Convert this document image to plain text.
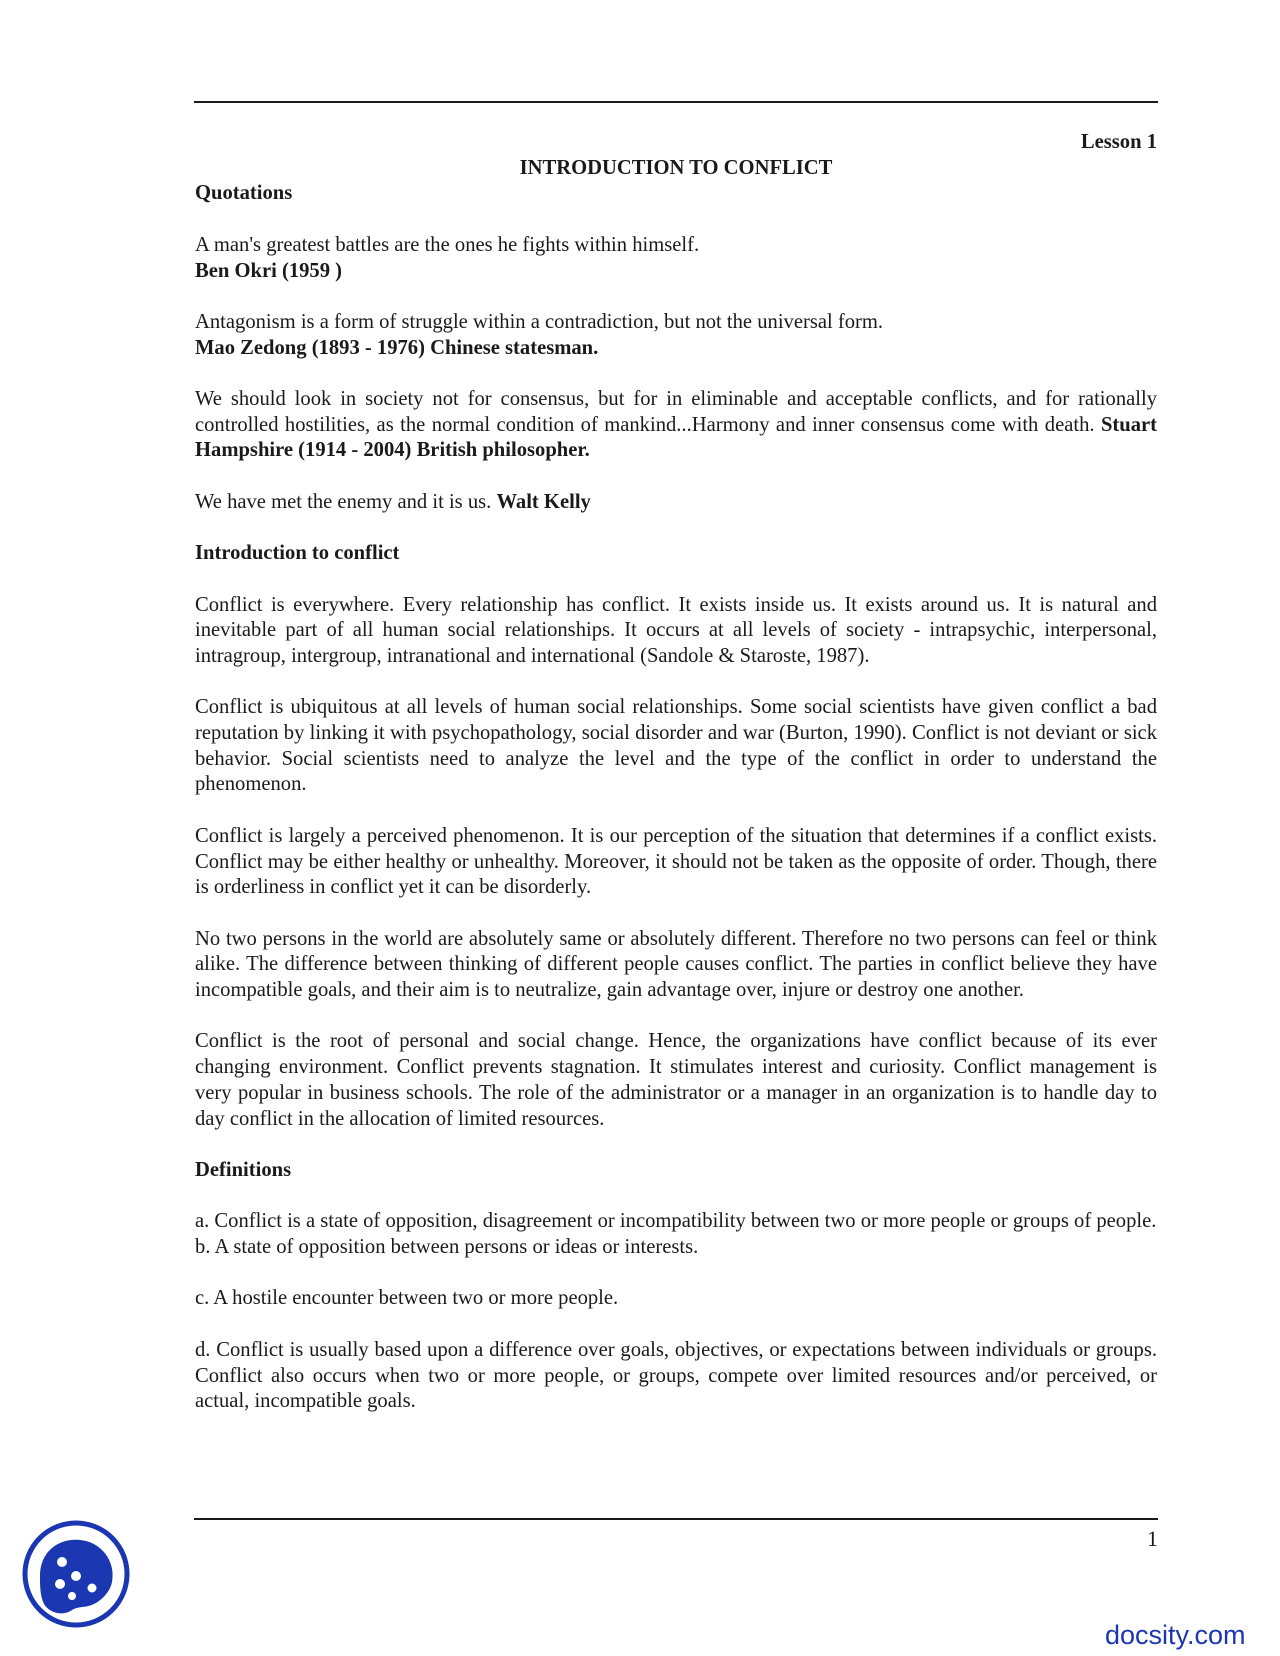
Lesson 1

INTRODUCTION TO CONFLICT

Quotations

A man's greatest battles are the ones he fights within himself.

Ben Okri (1959 )

Antagonism is a form of struggle within a contradiction, but not the universal form.

Mao Zedong (1893 - 1976) Chinese statesman.

We should look in society not for consensus, but for in eliminable and acceptable conflicts, and for rationally controlled hostilities, as the normal condition of mankind...Harmony and inner consensus come with death. Stuart Hampshire (1914 - 2004) British philosopher.

We have met the enemy and it is us. Walt Kelly

Introduction to conflict

Conflict is everywhere. Every relationship has conflict. It exists inside us. It exists around us. It is natural and inevitable part of all human social relationships. It occurs at all levels of society - intrapsychic, interpersonal, intragroup, intergroup, intranational and international (Sandole & Staroste, 1987).

Conflict is ubiquitous at all levels of human social relationships. Some social scientists have given conflict a bad reputation by linking it with psychopathology, social disorder and war (Burton, 1990). Conflict is not deviant or sick behavior. Social scientists need to analyze the level and the type of the conflict in order to understand the phenomenon.

Conflict is largely a perceived phenomenon. It is our perception of the situation that determines if a conflict exists. Conflict may be either healthy or unhealthy. Moreover, it should not be taken as the opposite of order. Though, there is orderliness in conflict yet it can be disorderly.

No two persons in the world are absolutely same or absolutely different. Therefore no two persons can feel or think alike. The difference between thinking of different people causes conflict. The parties in conflict believe they have incompatible goals, and their aim is to neutralize, gain advantage over, injure or destroy one another.

Conflict is the root of personal and social change. Hence, the organizations have conflict because of its ever changing environment. Conflict prevents stagnation. It stimulates interest and curiosity. Conflict management is very popular in business schools. The role of the administrator or a manager in an organization is to handle day to day conflict in the allocation of limited resources.

Definitions

a. Conflict is a state of opposition, disagreement or incompatibility between two or more people or groups of people.

b. A state of opposition between persons or ideas or interests.

c. A hostile encounter between two or more people.

d. Conflict is usually based upon a difference over goals, objectives, or expectations between individuals or groups. Conflict also occurs when two or more people, or groups, compete over limited resources and/or perceived, or actual, incompatible goals.

1
docsity.com
